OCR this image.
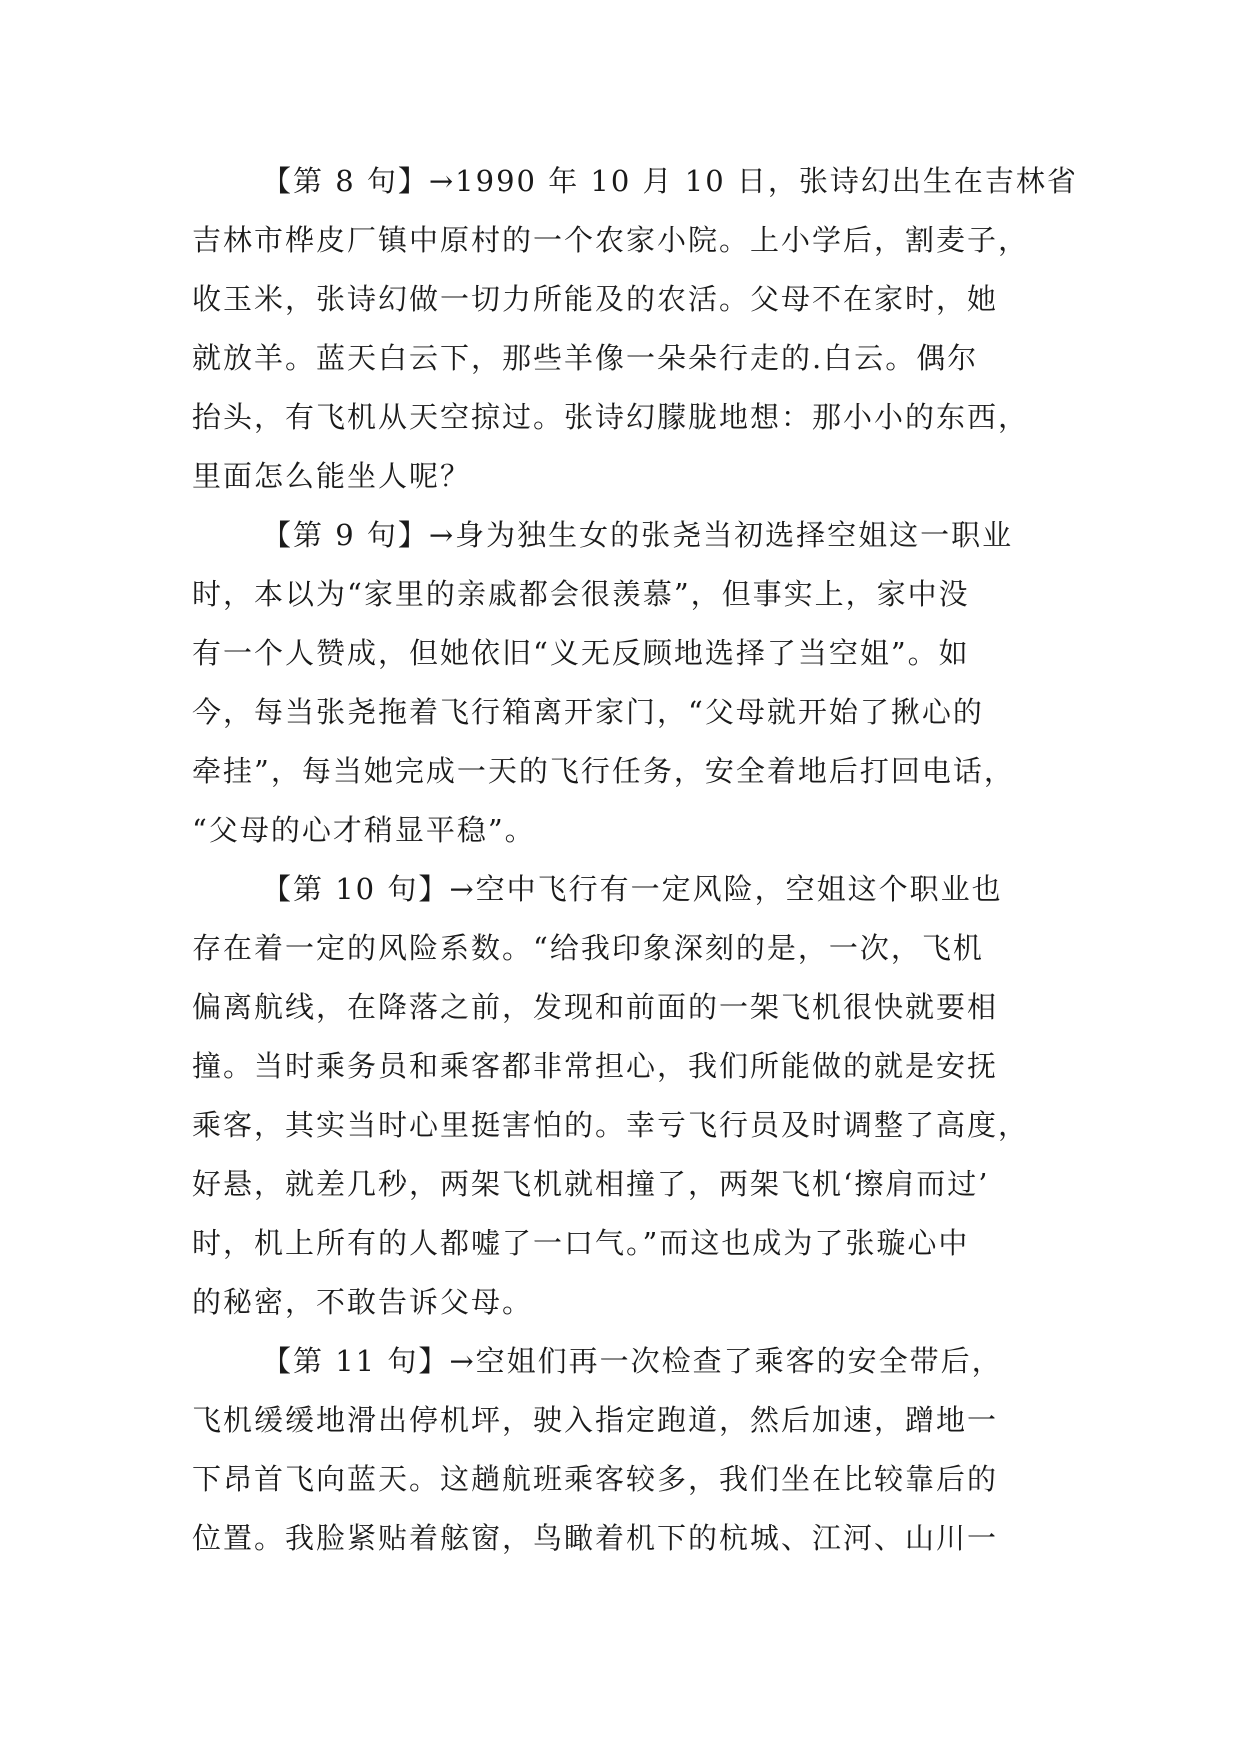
【第 8 句】→1990 年 10 月 10 日，张诗幻出生在吉林省
吉林市桦皮厂镇中原村的一个农家小院。上小学后，割麦子，
收玉米，张诗幻做一切力所能及的农活。父母不在家时，她
就放羊。蓝天白云下，那些羊像一朵朵行走的.白云。偶尔
抬头，有飞机从天空掠过。张诗幻朦胧地想：那小小的东西，
里面怎么能坐人呢？
【第 9 句】→身为独生女的张尧当初选择空姐这一职业
时，本以为“家里的亲戚都会很羡慕”，但事实上，家中没
有一个人赞成，但她依旧“义无反顾地选择了当空姐”。如
今，每当张尧拖着飞行箱离开家门，“父母就开始了揪心的
牵挂”，每当她完成一天的飞行任务，安全着地后打回电话，
“父母的心才稍显平稳”。
【第 10 句】→空中飞行有一定风险，空姐这个职业也
存在着一定的风险系数。“给我印象深刻的是，一次，飞机
偏离航线，在降落之前，发现和前面的一架飞机很快就要相
撞。当时乘务员和乘客都非常担心，我们所能做的就是安抚
乘客，其实当时心里挺害怕的。幸亏飞行员及时调整了高度，
好悬，就差几秒，两架飞机就相撞了，两架飞机‘擦肩而过’
时，机上所有的人都嘘了一口气。”而这也成为了张璇心中
的秘密，不敢告诉父母。
【第 11 句】→空姐们再一次检查了乘客的安全带后，
飞机缓缓地滑出停机坪，驶入指定跑道，然后加速，蹭地一
下昂首飞向蓝天。这趟航班乘客较多，我们坐在比较靠后的
位置。我脸紧贴着舷窗，鸟瞰着机下的杭城、江河、山川一
